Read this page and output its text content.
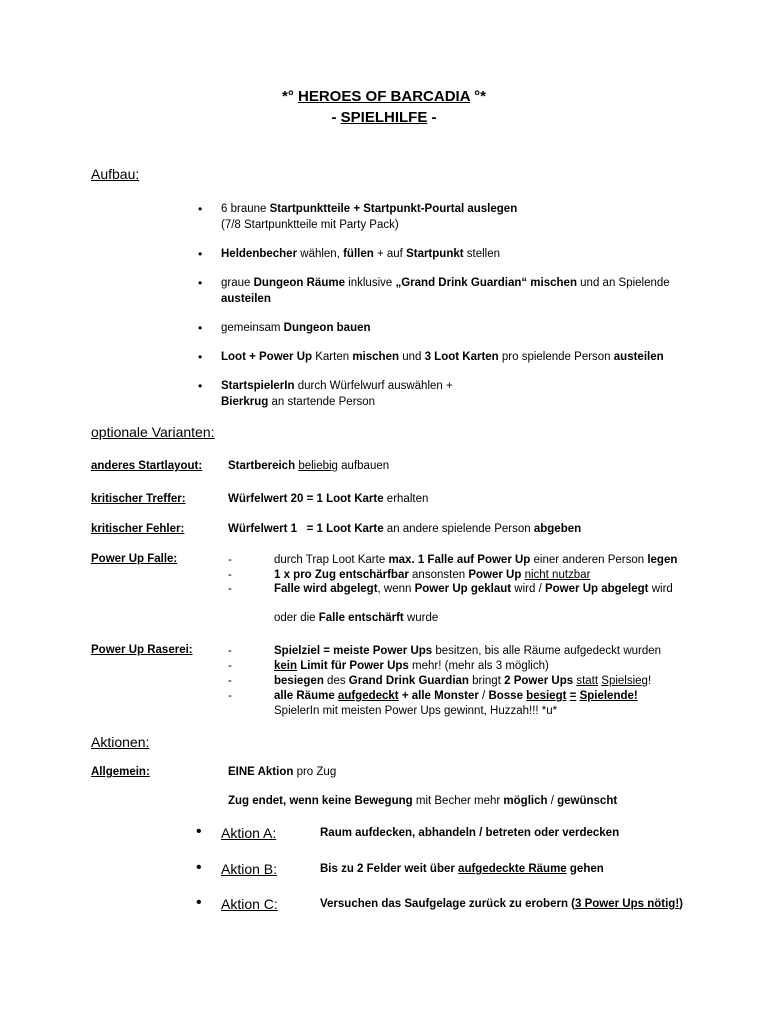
*° HEROES OF BARCADIA °*
- SPIELHILFE -
Aufbau:
• 6 braune Startpunktteile + Startpunkt-Pourtal auslegen
(7/8 Startpunktteile mit Party Pack)
• Heldenbecher wählen, füllen + auf Startpunkt stellen
• graue Dungeon Räume inklusive „Grand Drink Guardian“ mischen und an Spielende
austeilen
• gemeinsam Dungeon bauen
• Loot + Power Up Karten mischen und 3 Loot Karten pro spielende Person austeilen
• StartspielerIn durch Würfelwurf auswählen +
Bierkrug an startende Person
optionale Varianten:
anderes Startlayout: Startbereich beliebig aufbauen
kritischer Treffer:	Würfelwert 20 = 1 Loot Karte erhalten
kritischer Fehler:	Würfelwert 1   = 1 Loot Karte an andere spielende Person abgeben
Power Up Falle:	-	durch Trap Loot Karte max. 1 Falle auf Power Up einer anderen Person legen
-	1 x pro Zug entschärfbar ansonsten Power Up nicht nutzbar
-	Falle wird abgelegt, wenn Power Up geklaut wird / Power Up abgelegt wird
oder die Falle entschärft wurde
Power Up Raserei:	-	Spielziel = meiste Power Ups besitzen, bis alle Räume aufgedeckt wurden
-	kein Limit für Power Ups mehr! (mehr als 3 möglich)
-	besiegen des Grand Drink Guardian bringt 2 Power Ups statt Spielsieg!
-	alle Räume aufgedeckt + alle Monster / Bosse besiegt = Spielende!
SpielerIn mit meisten Power Ups gewinnt, Huzzah!!! *u*
Aktionen:
Allgemein:	EINE Aktion pro Zug
Zug endet, wenn keine Bewegung mit Becher mehr möglich / gewünscht
• Aktion A:	Raum aufdecken, abhandeln / betreten oder verdecken
• Aktion B:	Bis zu 2 Felder weit über aufgedeckte Räume gehen
• Aktion C:	Versuchen das Saufgelage zurück zu erobern (3 Power Ups nötig!)
